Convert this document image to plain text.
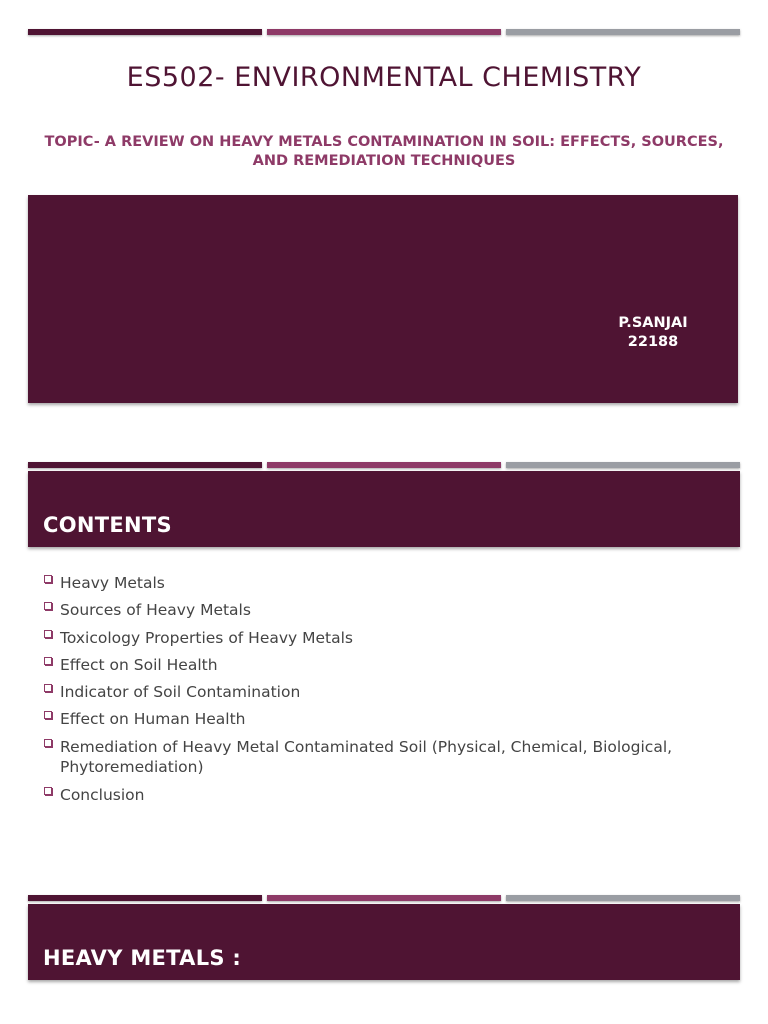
ES502- ENVIRONMENTAL CHEMISTRY

TOPIC- A REVIEW ON HEAVY METALS CONTAMINATION IN SOIL: EFFECTS, SOURCES, AND REMEDIATION TECHNIQUES

P.SANJAI
22188
CONTENTS
Heavy Metals
Sources of Heavy Metals
Toxicology Properties of Heavy Metals
Effect on Soil Health
Indicator of Soil Contamination
Effect on Human Health
Remediation of Heavy Metal Contaminated Soil (Physical, Chemical, Biological, Phytoremediation)
Conclusion
HEAVY METALS :
